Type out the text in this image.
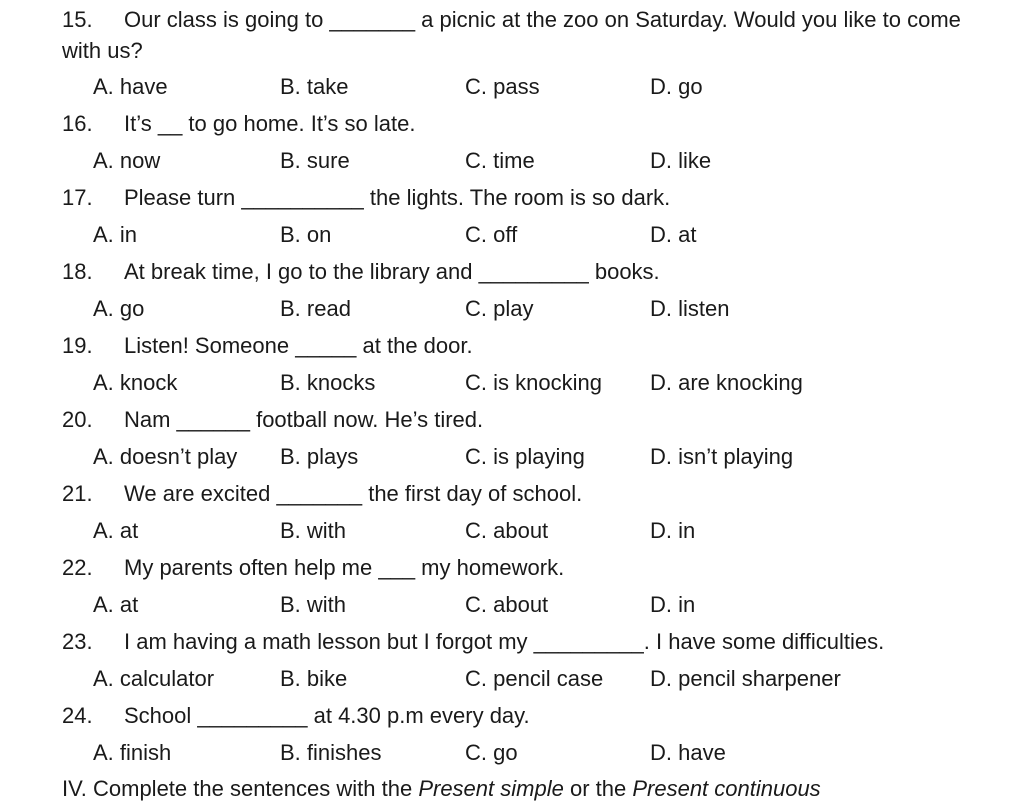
15. Our class is going to _______ a picnic at the zoo on Saturday. Would you like to come with us?
A. have	B. take	C. pass	D. go
16. It’s __ to go home. It’s so late.
A. now	B. sure	C. time	D. like
17. Please turn __________ the lights. The room is so dark.
A. in	B. on	C. off	D. at
18. At break time, I go to the library and _________ books.
A. go	B. read	C. play	D. listen
19. Listen! Someone _____ at the door.
A. knock	B. knocks	C. is knocking D. are knocking
20. Nam ______ football now. He’s tired.
A. doesn’t play B. plays	C. is playing	D. isn’t playing
21. We are excited _______ the first day of school.
A. at	B. with	C. about	D. in
22. My parents often help me ___ my homework.
A. at	B. with	C. about	D. in
23. I am having a math lesson but I forgot my _________. I have some difficulties.
A. calculator	B. bike	C. pencil case D. pencil sharpener
24. School _________ at 4.30 p.m every day.
A. finish	B. finishes	C. go	D. have
IV. Complete the sentences with the Present simple or the Present continuous
